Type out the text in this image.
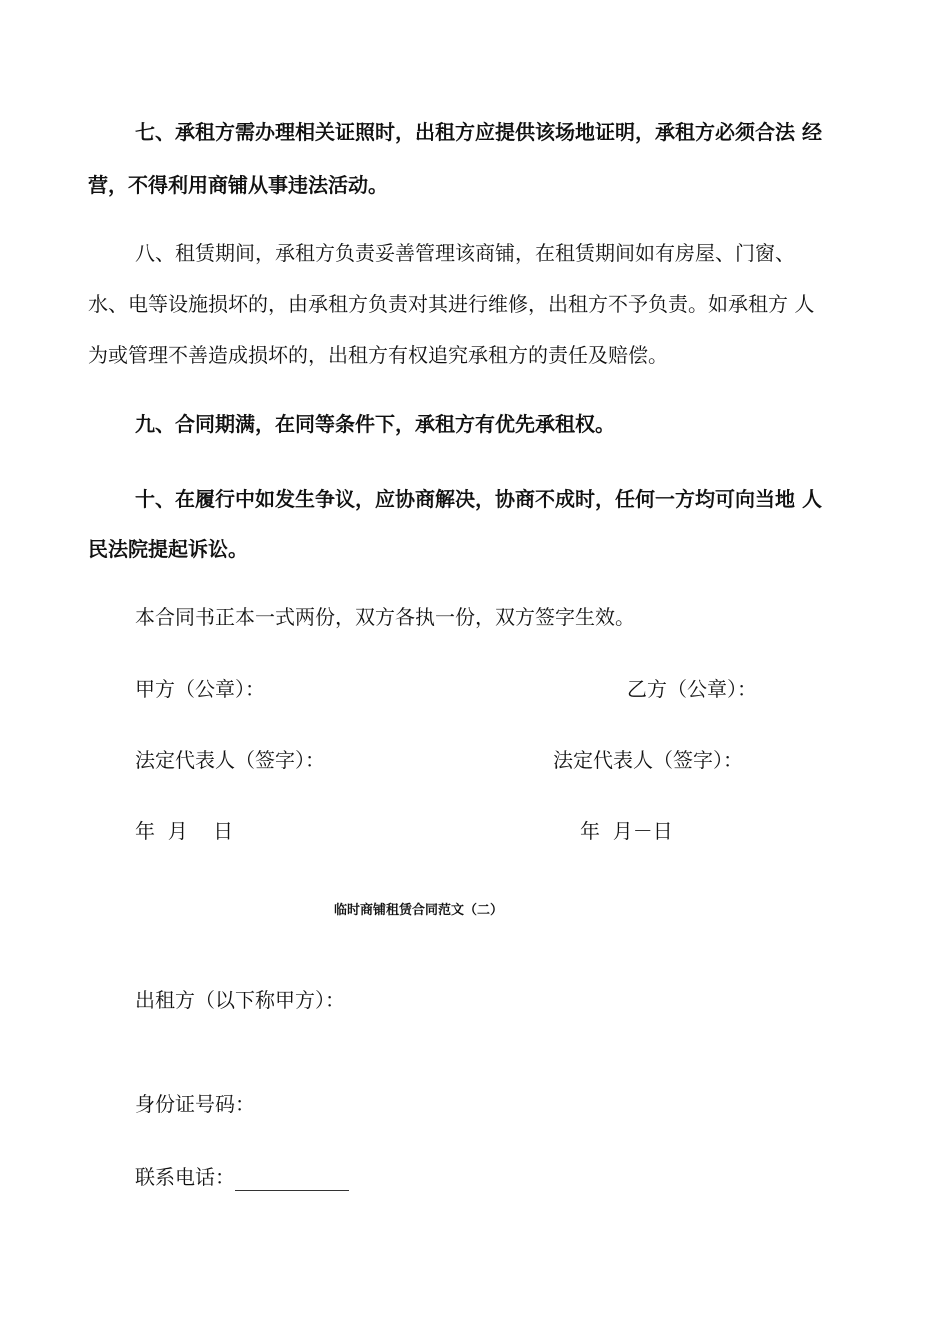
七、承租方需办理相关证照时，出租方应提供该场地证明，承租方必须合法 经
营，不得利用商铺从事违法活动。
八、租赁期间，承租方负责妥善管理该商铺，在租赁期间如有房屋、门窗、
水、电等设施损坏的，由承租方负责对其进行维修，出租方不予负责。如承租方 人
为或管理不善造成损坏的，出租方有权追究承租方的责任及赔偿。
九、合同期满，在同等条件下，承租方有优先承租权。
十、在履行中如发生争议，应协商解决，协商不成时，任何一方均可向当地 人
民法院提起诉讼。
本合同书正本一式两份，双方各执一份，双方签字生效。
甲方（公章）：	乙方（公章）：
法定代表人（签字）：	法定代表人（签字）：
年  月    日	年  月－日
临时商铺租赁合同范文（二）
出租方（以下称甲方）：
身份证号码：
联系电话：
